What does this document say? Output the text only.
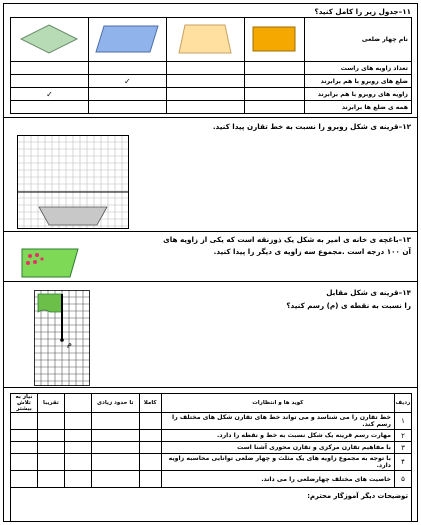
۱۱–جدول زیر را کامل کنید؟
				نام چهار ضلعی
				تعداد زاویه های راست
	✓			ضلع های روبرو با هم برابرند
✓				زاویه های روبرو با هم برابرند
				همه ی ضلع ها برابرند
۱۲–قرینه ی شکل روبرو را نسبت به خط تقارن پیدا کنید.
۱۳–باغچه ی خانه ی امیر به شکل یک ذوزنقه است که یکی از زاویه های
آن ۱۰۰ درجه است .مجموع سه زاویه ی دیگر را پیدا کنید.
۱۴–قرینه ی شکل مقابل
را نسبت به نقطه ی (م) رسم کنید؟
م
نیاز به تلاش بیشتر	تقریبا		تا حدود زیادی	کاملا	کوید ها و انتظارات	ردیف
					خط تقارن را می شناسد و می تواند خط های تقارن شکل های مختلف را رسم کند.	۱
					مهارت رسم قرینه یک شکل نسبت به خط و نقطه را دارد.	۲
					با مفاهیم تقارن مرکزی و تقارن محوری آشنا است	۳
					با توجه به مجموع زاویه های یک مثلث و چهار ضلعی توانایی محاسبه زاویه دارد.	۴
					خاصیت های مختلف چهارضلعی را می داند.	۵
توضیحات دیگر آموزگار محترم:						
